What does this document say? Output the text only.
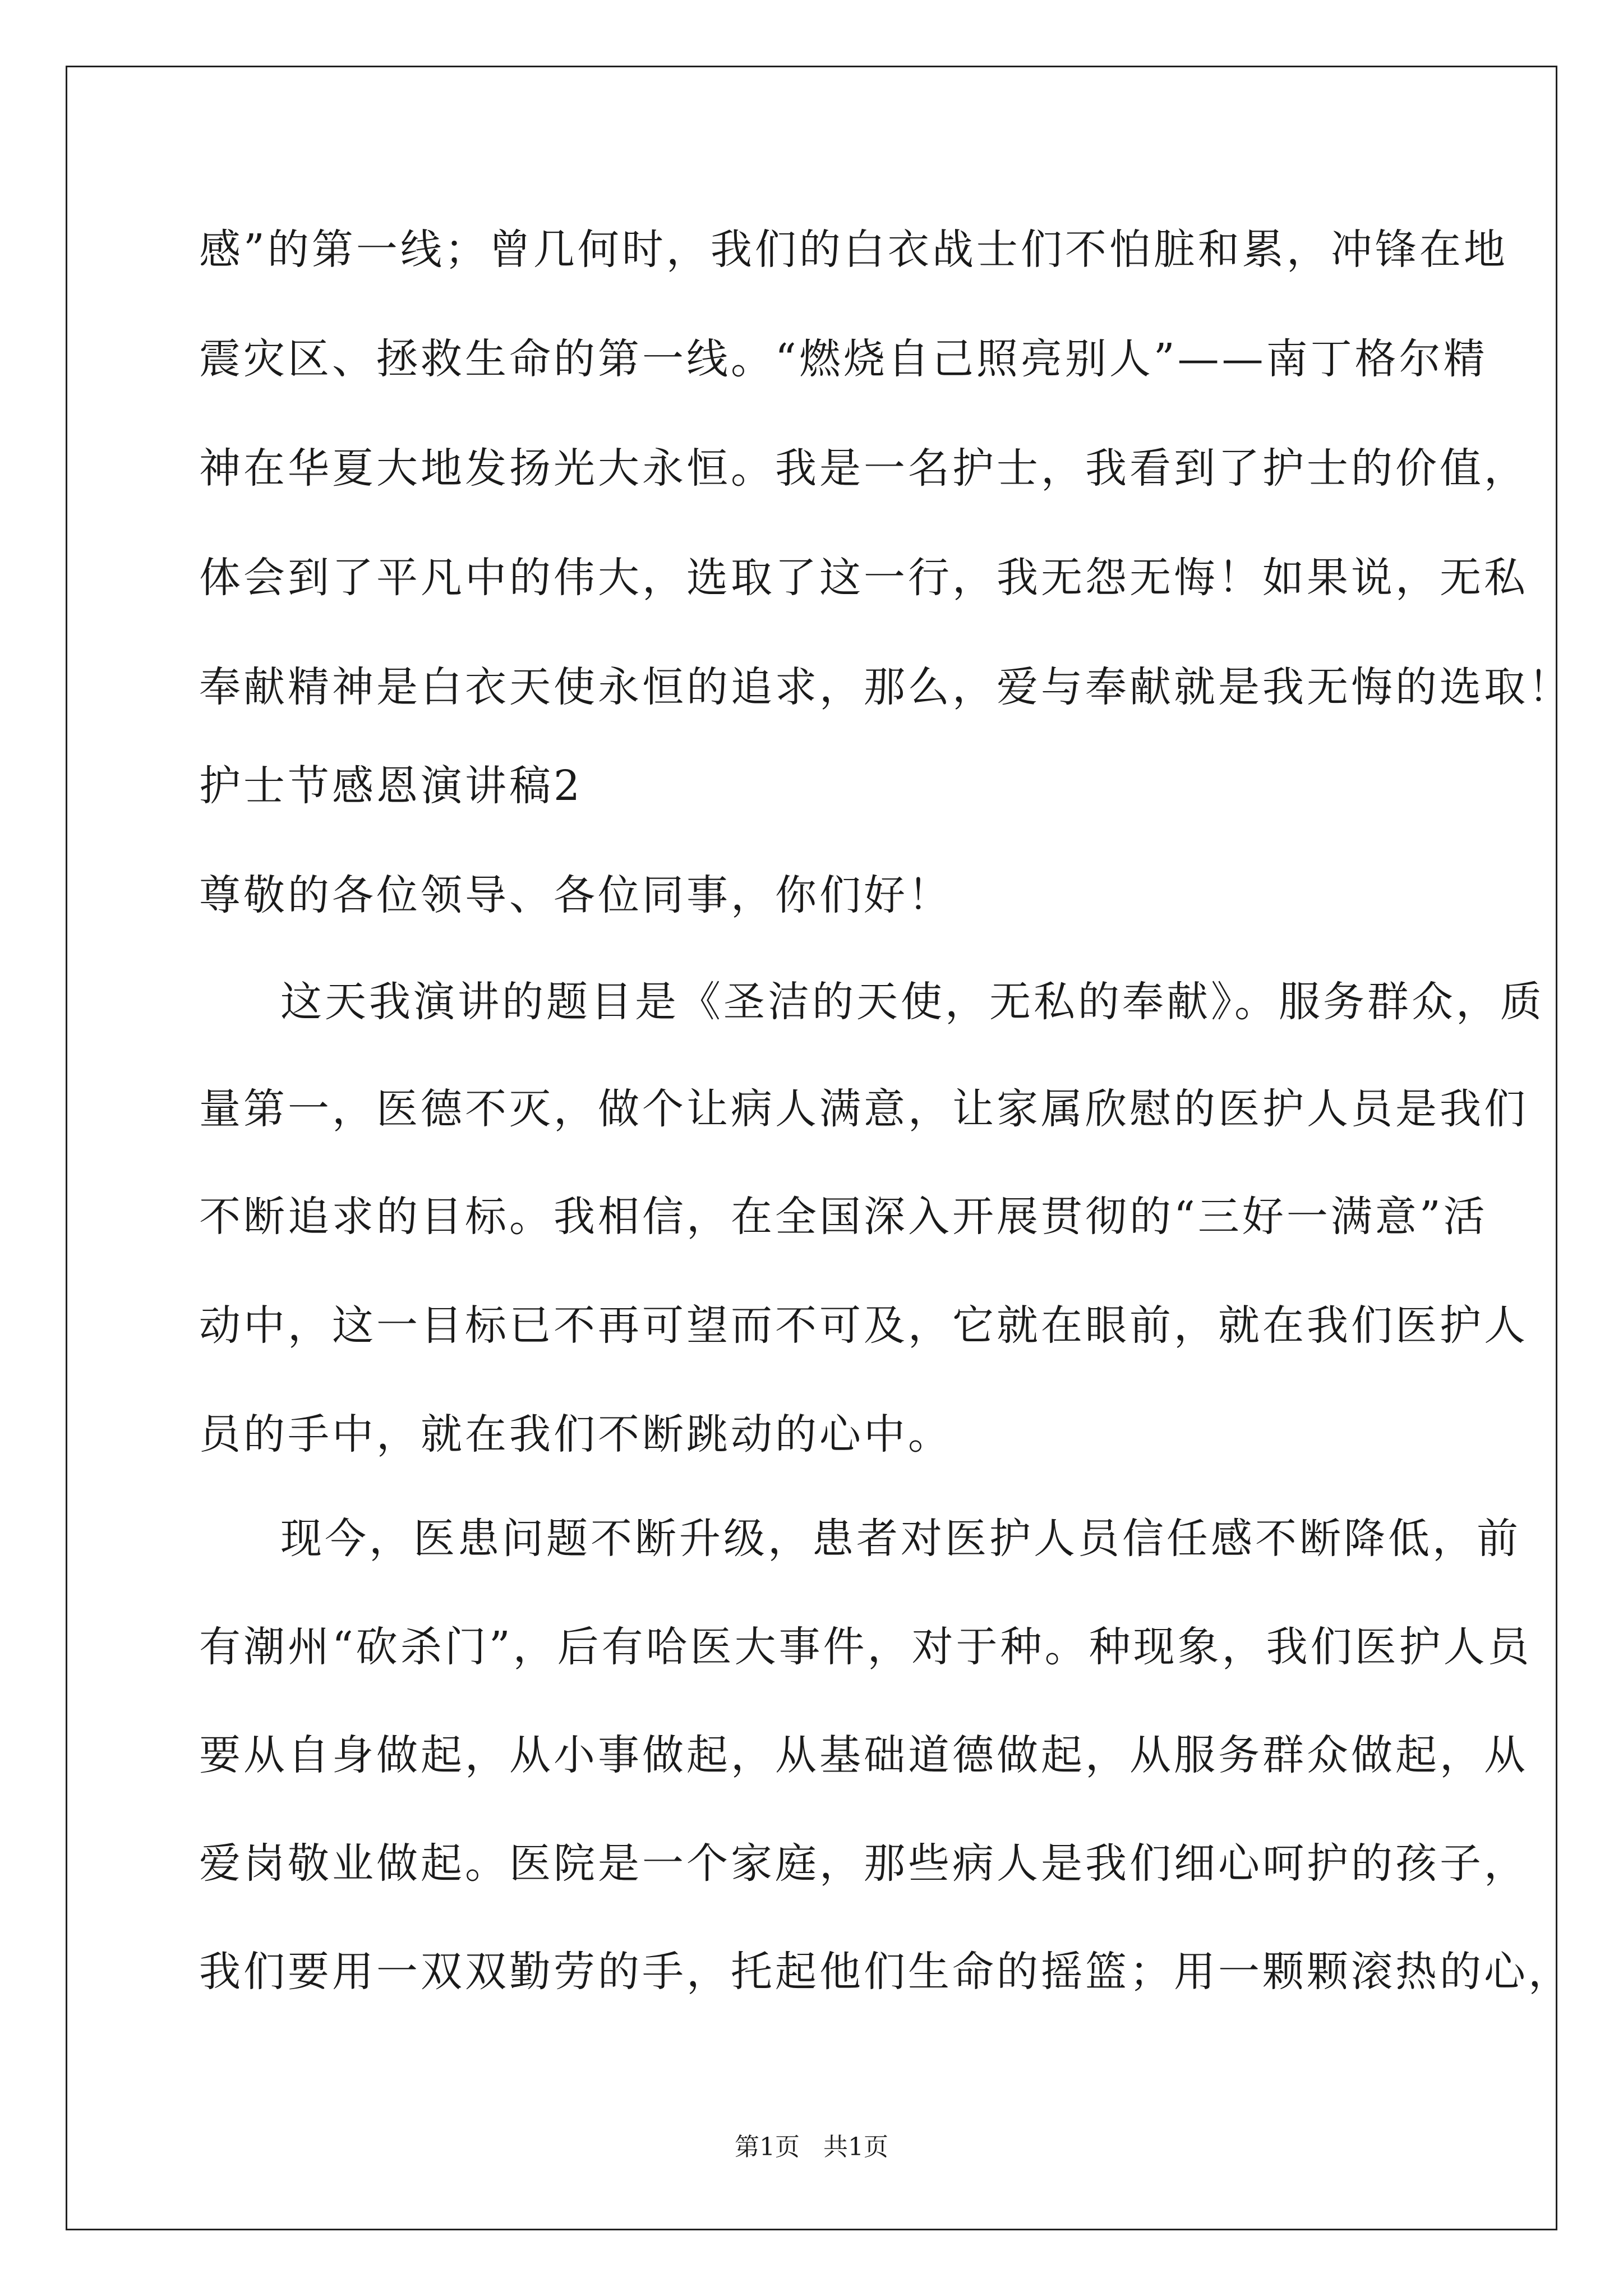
感”的第一线；曾几何时，我们的白衣战士们不怕脏和累，冲锋在地
震灾区、拯救生命的第一线。“燃烧自己照亮别人”——南丁格尔精
神在华夏大地发扬光大永恒。我是一名护士，我看到了护士的价值，
体会到了平凡中的伟大，选取了这一行，我无怨无悔！如果说，无私
奉献精神是白衣天使永恒的追求，那么，爱与奉献就是我无悔的选取！
护士节感恩演讲稿2
尊敬的各位领导、各位同事，你们好！
这天我演讲的题目是《圣洁的天使，无私的奉献》。服务群众，质
量第一，医德不灭，做个让病人满意，让家属欣慰的医护人员是我们
不断追求的目标。我相信，在全国深入开展贯彻的“三好一满意”活
动中，这一目标已不再可望而不可及，它就在眼前，就在我们医护人
员的手中，就在我们不断跳动的心中。
现今，医患问题不断升级，患者对医护人员信任感不断降低，前
有潮州“砍杀门”，后有哈医大事件，对于种。种现象，我们医护人员
要从自身做起，从小事做起，从基础道德做起，从服务群众做起，从
爱岗敬业做起。医院是一个家庭，那些病人是我们细心呵护的孩子，
我们要用一双双勤劳的手，托起他们生命的摇篮；用一颗颗滚热的心，
第1页   共1页
